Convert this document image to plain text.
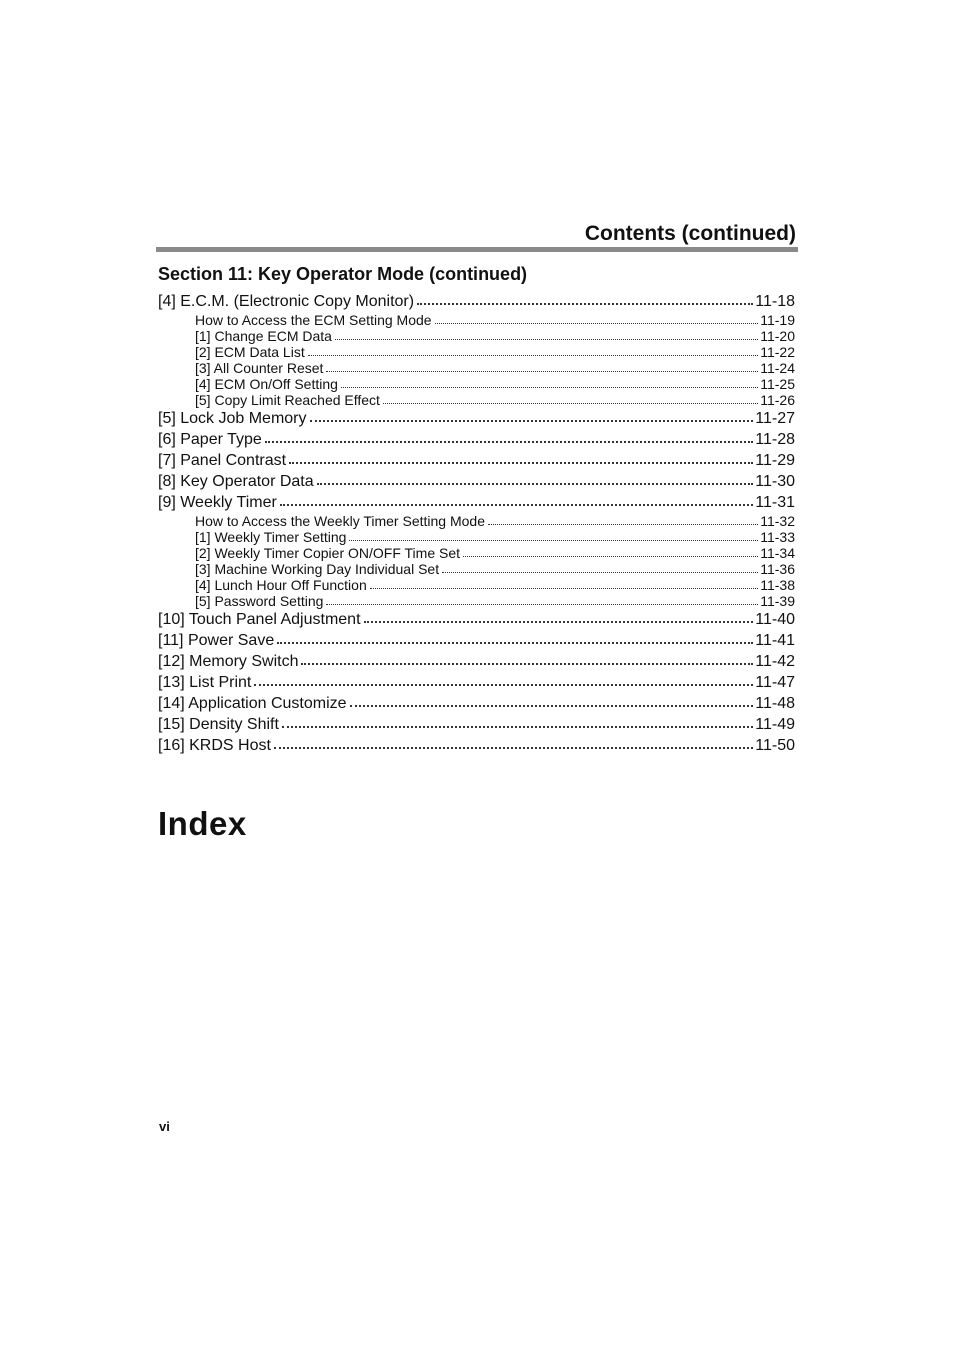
Contents (continued)
Section 11: Key Operator Mode (continued)
[4] E.C.M. (Electronic Copy Monitor)	11-18
How to Access the ECM Setting Mode	11-19
[1] Change ECM Data	11-20
[2] ECM Data List	11-22
[3] All Counter Reset	11-24
[4] ECM On/Off Setting	11-25
[5] Copy Limit Reached Effect	11-26
[5] Lock Job Memory	11-27
[6] Paper Type	11-28
[7] Panel Contrast	11-29
[8] Key Operator Data	11-30
[9] Weekly Timer	11-31
How to Access the Weekly Timer Setting Mode	11-32
[1] Weekly Timer Setting	11-33
[2] Weekly Timer Copier ON/OFF Time Set	11-34
[3] Machine Working Day Individual Set	11-36
[4] Lunch Hour Off Function	11-38
[5] Password Setting	11-39
[10] Touch Panel Adjustment	11-40
[11] Power Save	11-41
[12] Memory Switch	11-42
[13] List Print	11-47
[14] Application Customize	11-48
[15] Density Shift	11-49
[16] KRDS Host	11-50
Index
vi
